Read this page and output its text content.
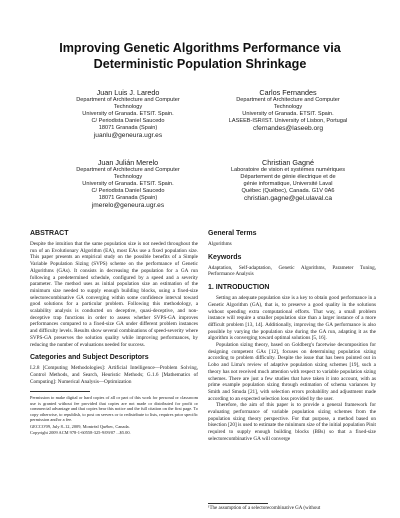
Improving Genetic Algorithms Performance via
Deterministic Population Shrinkage
Juan Luis J. Laredo
Department of Architecture and Computer
Technology
University of Granada. ETSIT. Spain.
C/ Periodista Daniel Saucedo
18071 Granada (Spain)
juanlu@geneura.ugr.es
Carlos Fernandes
Department of Architecture and Computer
Technology
University of Granada. ETSIT. Spain.
LASEEB-ISR/IST. University of Lisbon, Portugal
cfernandes@laseeb.org
Juan Julián Merelo
Department of Architecture and Computer
Technology
University of Granada. ETSIT. Spain.
C/ Periodista Daniel Saucedo
18071 Granada (Spain)
jmerelo@geneura.ugr.es
Christian Gagné
Laboratoire de vision et systèmes numériques
Département de génie électrique et de
génie informatique, Université Laval
Québec (Québec), Canada. G1V 0A6
christian.gagne@gel.ulaval.ca
ABSTRACT

Despite the intuition that the same population size is not needed throughout the run of an Evolutionary Algorithm (EA), most EAs use a fixed population size. This paper presents an empirical study on the possible benefits of a Simple Variable Population Sizing (SVPS) scheme on the performance of Genetic Algorithms (GAs). It consists in decreasing the population for a GA run following a predetermined schedule, configured by a speed and a severity parameter. The method uses as initial population size an estimation of the minimum size needed to supply enough building blocks, using a fixed-size selectorecombinative GA converging within some confidence interval toward good solutions for a particular problem. Following this methodology, a scalability analysis is conducted on deceptive, quasi-deceptive, and non-deceptive trap functions in order to assess whether SVPS-GA improves performances compared to a fixed-size GA under different problem instances and difficulty levels. Results show several combinations of speed-severity where SVPS-GA preserves the solution quality while improving performances, by reducing the number of evaluations needed for success.

Categories and Subject Descriptors

I.2.8 [Computing Methodologies]: Artificial Intelligence—Problem Solving, Control Methods, and Search, Heuristic Methods; G.1.6 [Mathematics of Computing]: Numerical Analysis—Optimization

Permission to make digital or hard copies of all or part of this work for personal or classroom use is granted without fee provided that copies are not made or distributed for profit or commercial advantage and that copies bear this notice and the full citation on the first page. To copy otherwise, to republish, to post on servers or to redistribute to lists, requires prior specific permission and/or a fee.
GECCO'09, July 8–12, 2009, Montréal Québec, Canada.
Copyright 2009 ACM 978-1-60558-325-9/09/07 ...$5.00.
General Terms

Algorithms

Keywords

Adaptation, Self-adaptation, Genetic Algorithms, Parameter Tuning, Performance Analysis

1. INTRODUCTION

Setting an adequate population size is a key to obtain good performance in a Genetic Algorithm (GA), that is, to preserve a good quality in the solutions without spending extra computational efforts. That way, a small problem instance will require a smaller population size than a larger instance of a more difficult problem [13, 14]. Additionally, improving the GA performance is also possible by varying the population size during the GA run, adapting it as the algorithm is converging toward optimal solutions [5, 16].

Population sizing theory, based on Goldberg's facetwise decomposition for designing competent GAs [12], focuses on determining population sizing according to problem difficulty. Despite the issue that has been pointed out in Lobo and Lima's review of adaptive population sizing schemes [19], such a theory has not received much attention with respect to variable population sizing schemes. There are just a few studies that have taken it into account, with as prime example population sizing through estimation of schema variances by Smith and Smuda [21], with selection errors probability and adjustment made according to an expected selection loss provided by the user.

Therefore, the aim of this paper is to provide a general framework for evaluating performance of variable population sizing schemes from the population sizing theory perspective. For that purpose, a method based on bisection [20] is used to estimate the minimum size of the initial population Pinit required to supply enough building blocks (BBs) so that a fixed-size selectorecombinative GA will converge

¹The assumption of a selectorecombinative GA (without
